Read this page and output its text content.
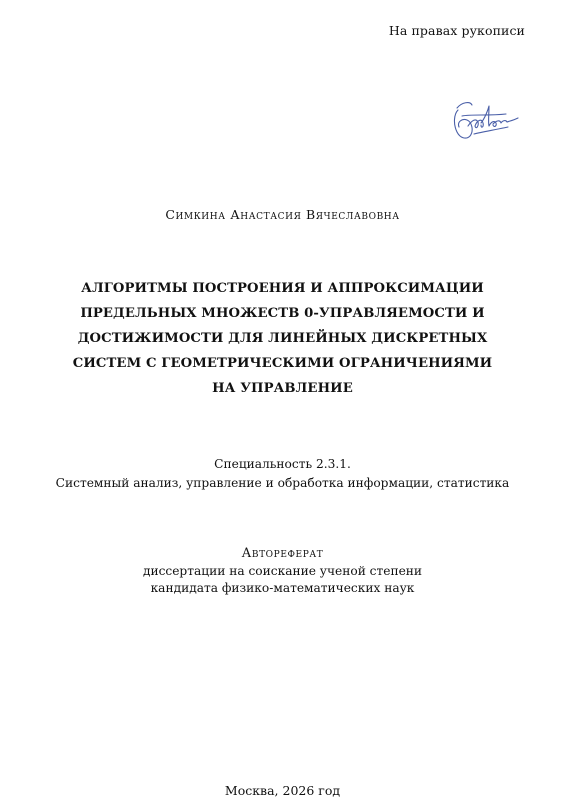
На правах рукописи
Симкина Анастасия Вячеславовна
АЛГОРИТМЫ ПОСТРОЕНИЯ И АППРОКСИМАЦИИ
ПРЕДЕЛЬНЫХ МНОЖЕСТВ 0-УПРАВЛЯЕМОСТИ И
ДОСТИЖИМОСТИ ДЛЯ ЛИНЕЙНЫХ ДИСКРЕТНЫХ
СИСТЕМ С ГЕОМЕТРИЧЕСКИМИ ОГРАНИЧЕНИЯМИ
НА УПРАВЛЕНИЕ
Специальность 2.3.1.
Системный анализ, управление и обработка информации, статистика
Автореферат
диссертации на соискание ученой степени
кандидата физико-математических наук
Москва, 2026 год
